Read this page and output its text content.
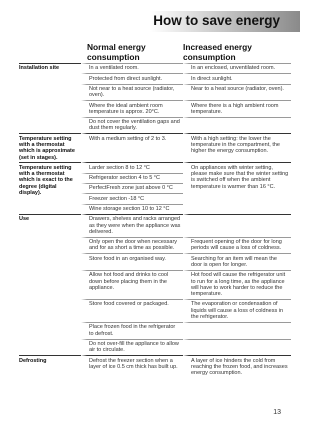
How to save energy
Normal energy consumption
Increased energy consumption
Installation site	In a ventilated room.	In an enclosed, unventilated room.
	Protected from direct sunlight.	In direct sunlight.
	Not near to a heat source (radiator, oven).	Near to a heat source (radiator, oven).
	Where the ideal ambient room temperature is approx. 20°C.	Where there is a high ambient room temperature.
	Do not cover the ventilation gaps and dust them regularly.	
Temperature setting with a thermostat which is approximate (set in stages).	With a medium setting of 2 to 3.	With a high setting: the lower the temperature in the compartment, the higher the energy consumption.
Temperature setting with a thermostat which is exact to the degree (digital display).	Larder section 8 to 12 °C	On appliances with winter setting, please make sure that the winter setting is switched off when the ambient temperature is warmer than 16 °C.
	Refrigerator section 4 to 5 °C	
	PerfectFresh zone just above 0 °C	
	Freezer section -18 °C	
	Wine storage section 10 to 12 °C	
Use	Drawers, shelves and racks arranged as they were when the appliance was delivered.	
	Only open the door when necessary and for as short a time as possible.	Frequent opening of the door for long periods will cause a loss of coldness.
	Store food in an organised way.	Searching for an item will mean the door is open for longer.
	Allow hot food and drinks to cool down before placing them in the appliance.	Hot food will cause the refrigerator unit to run for a long time, as the appliance will have to work harder to reduce the temperature.
	Store food covered or packaged.	The evaporation or condensation of liquids will cause a loss of coldness in the refrigerator.
	Place frozen food in the refrigerator to defrost.	
	Do not over-fill the appliance to allow air to circulate.	
Defrosting	Defrost the freezer section when a layer of ice 0.5 cm thick has built up.	A layer of ice hinders the cold from reaching the frozen food, and increases energy consumption.
13
